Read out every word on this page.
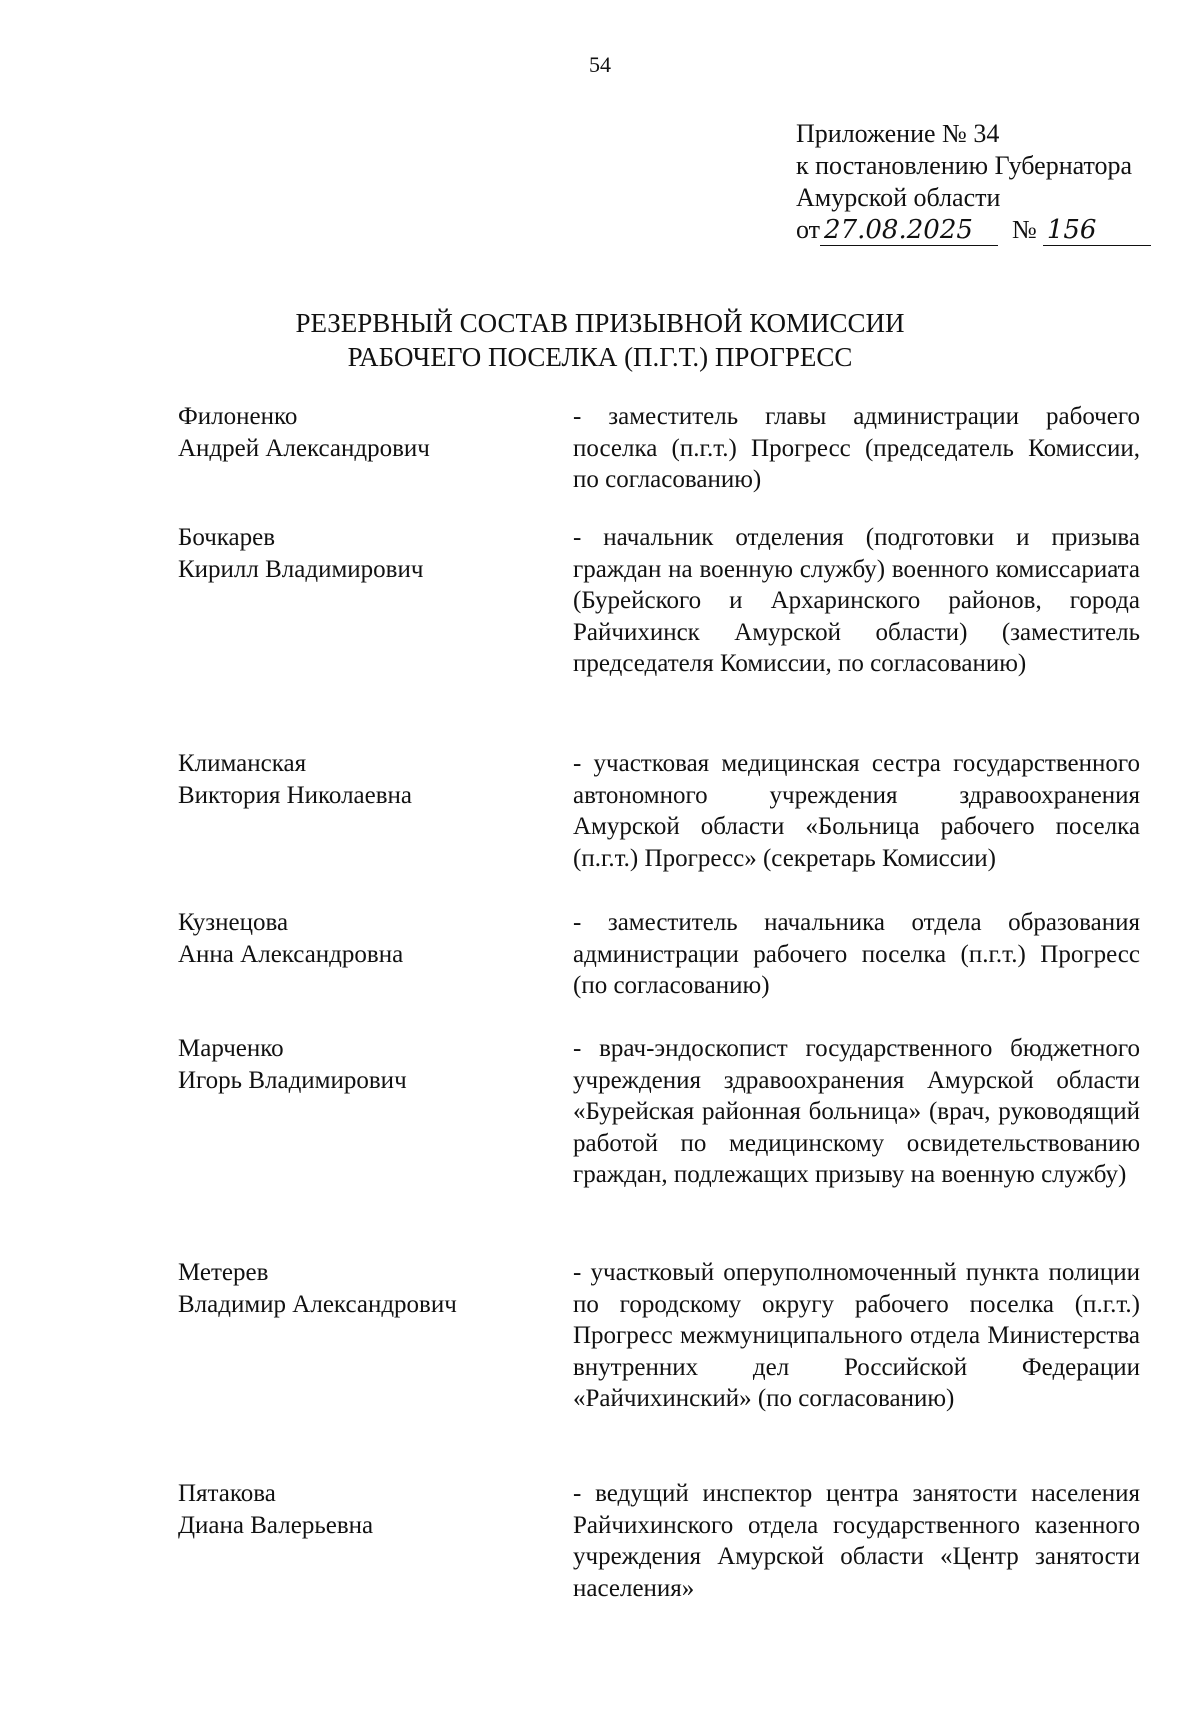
54
Приложение № 34
к постановлению Губернатора
Амурской области
от 27.08.2025	№ 156
РЕЗЕРВНЫЙ СОСТАВ ПРИЗЫВНОЙ КОМИССИИ
РАБОЧЕГО ПОСЕЛКА (П.Г.Т.) ПРОГРЕСС
Филоненко
Андрей Александрович
- заместитель главы администрации рабочего поселка (п.г.т.) Прогресс (председатель Комиссии, по согласованию)
Бочкарев
Кирилл Владимирович
- начальник отделения (подготовки и призыва граждан на военную службу) военного комиссариата (Бурейского и Архаринского районов, города Райчихинск Амурской области) (заместитель председателя Комиссии, по согласованию)
Климанская
Виктория Николаевна
- участковая медицинская сестра государственного автономного учреждения здравоохранения Амурской области «Больница рабочего поселка (п.г.т.) Прогресс» (секретарь Комиссии)
Кузнецова
Анна Александровна
- заместитель начальника отдела образования администрации рабочего поселка (п.г.т.) Прогресс (по согласованию)
Марченко
Игорь Владимирович
- врач-эндоскопист государственного бюджетного учреждения здравоохранения Амурской области «Бурейская районная больница» (врач, руководящий работой по медицинскому освидетельствованию граждан, подлежащих призыву на военную службу)
Метерев
Владимир Александрович
- участковый оперуполномоченный пункта полиции по городскому округу рабочего поселка (п.г.т.) Прогресс межмуниципального отдела Министерства внутренних дел Российской Федерации «Райчихинский» (по согласованию)
Пятакова
Диана Валерьевна
- ведущий инспектор центра занятости населения Райчихинского отдела государственного казенного учреждения Амурской области «Центр занятости населения»
